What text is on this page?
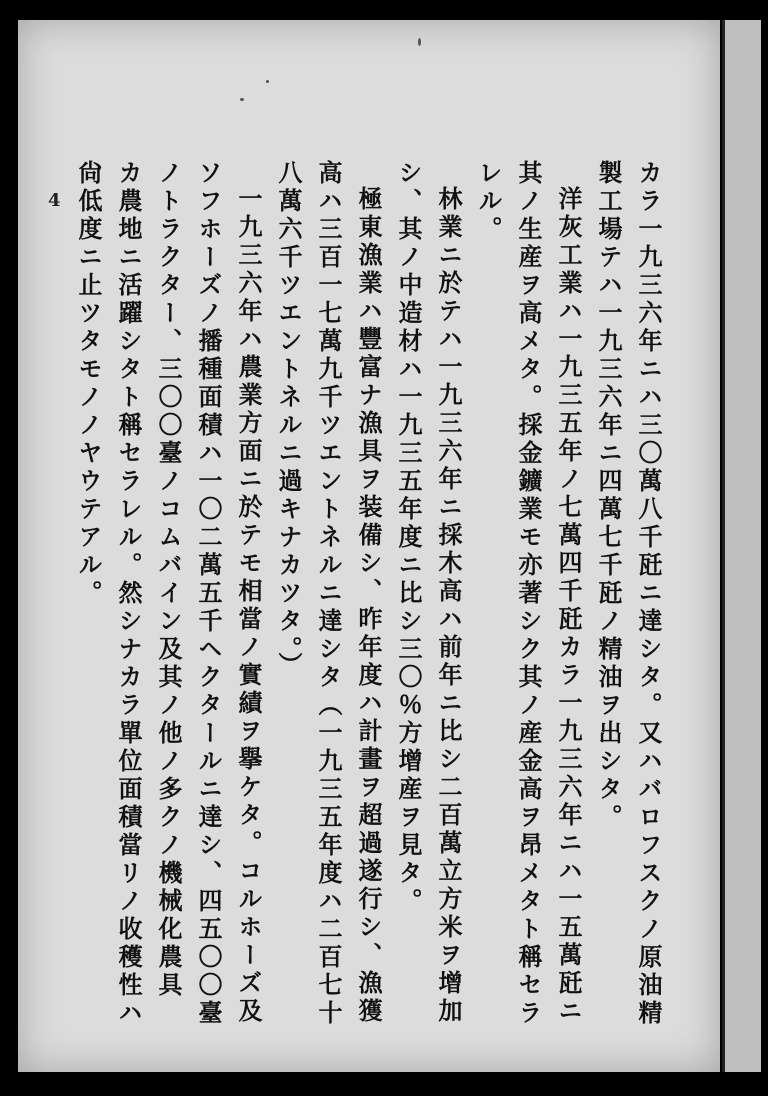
カラ一九三六年ニハ三〇萬八千瓩ニ達シタ。又ハバロフスクノ原油精
製工場テハ一九三六年ニ四萬七千瓩ノ精油ヲ出シタ。
洋灰工業ハ一九三五年ノ七萬四千瓩カラ一九三六年ニハ一五萬瓩ニ
其ノ生産ヲ高メタ。採金鑛業モ亦著シク其ノ産金高ヲ昂メタト稱セラ
レル。
林業ニ於テハ一九三六年ニ採木高ハ前年ニ比シ二百萬立方米ヲ增加
シ、其ノ中造材ハ一九三五年度ニ比シ三〇％方增産ヲ見タ。
極東漁業ハ豐富ナ漁具ヲ装備シ、昨年度ハ計畫ヲ超過遂行シ、漁獲
高ハ三百一七萬九千ツエントネルニ達シタ（一九三五年度ハ二百七十
八萬六千ツエントネルニ過キナカツタ。）
一九三六年ハ農業方面ニ於テモ相當ノ實績ヲ擧ケタ。コルホーズ及
ソフホーズノ播種面積ハ一〇二萬五千ヘクタールニ達シ、四五〇〇臺
ノトラクター、三〇〇臺ノコムバイン及其ノ他ノ多クノ機械化農具
カ農地ニ活躍シタト稱セラレル。然シナカラ單位面積當リノ收穫性ハ
尙低度ニ止ツタモノノヤウテアル。
4
